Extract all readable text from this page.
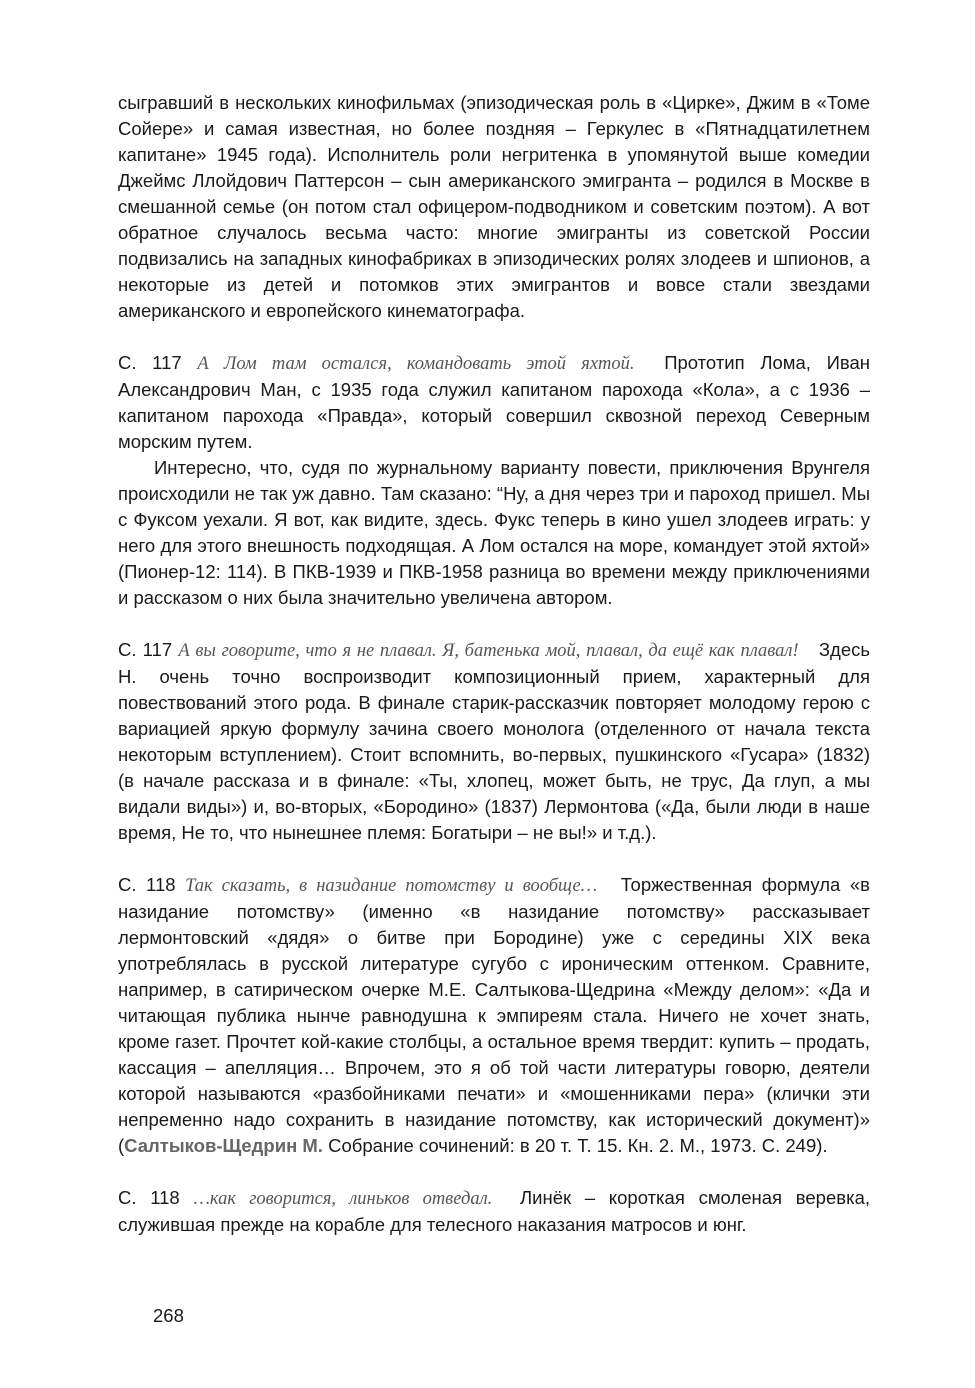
сыгравший в нескольких кинофильмах (эпизодическая роль в «Цирке», Джим в «Томе Сойере» и самая известная, но более поздняя – Геркулес в «Пятнадцатилетнем капитане» 1945 года). Исполнитель роли негритенка в упомянутой выше комедии Джеймс Ллойдович Паттерсон – сын американского эмигранта – родился в Москве в смешанной семье (он потом стал офицером-подводником и советским поэтом). А вот обратное случалось весьма часто: многие эмигранты из советской России подвизались на западных кинофабриках в эпизодических ролях злодеев и шпионов, а некоторые из детей и потомков этих эмигрантов и вовсе стали звездами американского и европейского кинематографа.

С. 117 А Лом там остался, командовать этой яхтой. Прототип Лома, Иван Александрович Ман, с 1935 года служил капитаном парохода «Кола», а с 1936 – капитаном парохода «Правда», который совершил сквозной переход Северным морским путем.

Интересно, что, судя по журнальному варианту повести, приключения Врунгеля происходили не так уж давно. Там сказано: “Ну, а дня через три и пароход пришел. Мы с Фуксом уехали. Я вот, как видите, здесь. Фукс теперь в кино ушел злодеев играть: у него для этого внешность подходящая. А Лом остался на море, командует этой яхтой» (Пионер-12: 114). В ПКВ-1939 и ПКВ-1958 разница во времени между приключениями и рассказом о них была значительно увеличена автором.

С. 117 А вы говорите, что я не плавал. Я, батенька мой, плавал, да ещё как плавал! Здесь Н. очень точно воспроизводит композиционный прием, характерный для повествований этого рода. В финале старик-рассказчик повторяет молодому герою с вариацией яркую формулу зачина своего монолога (отделенного от начала текста некоторым вступлением). Стоит вспомнить, во-первых, пушкинского «Гусара» (1832) (в начале рассказа и в финале: «Ты, хлопец, может быть, не трус, Да глуп, а мы видали виды») и, во-вторых, «Бородино» (1837) Лермонтова («Да, были люди в наше время, Не то, что нынешнее племя: Богатыри – не вы!» и т.д.).

С. 118 Так сказать, в назидание потомству и вообще… Торжественная формула «в назидание потомству» (именно «в назидание потомству» рассказывает лермонтовский «дядя» о битве при Бородине) уже с середины XIX века употреблялась в русской литературе сугубо с ироническим оттенком. Сравните, например, в сатирическом очерке М.Е. Салтыкова-Щедрина «Между делом»: «Да и читающая публика нынче равнодушна к эмпиреям стала. Ничего не хочет знать, кроме газет. Прочтет кой-какие столбцы, а остальное время твердит: купить – продать, кассация – апелляция… Впрочем, это я об той части литературы говорю, деятели которой называются «разбойниками печати» и «мошенниками пера» (клички эти непременно надо сохранить в назидание потомству, как исторический документ)» (Салтыков-Щедрин М. Собрание сочинений: в 20 т. Т. 15. Кн. 2. М., 1973. С. 249).

С. 118 …как говорится, линьков отведал. Линёк – короткая смоленая веревка, служившая прежде на корабле для телесного наказания матросов и юнг.

268
